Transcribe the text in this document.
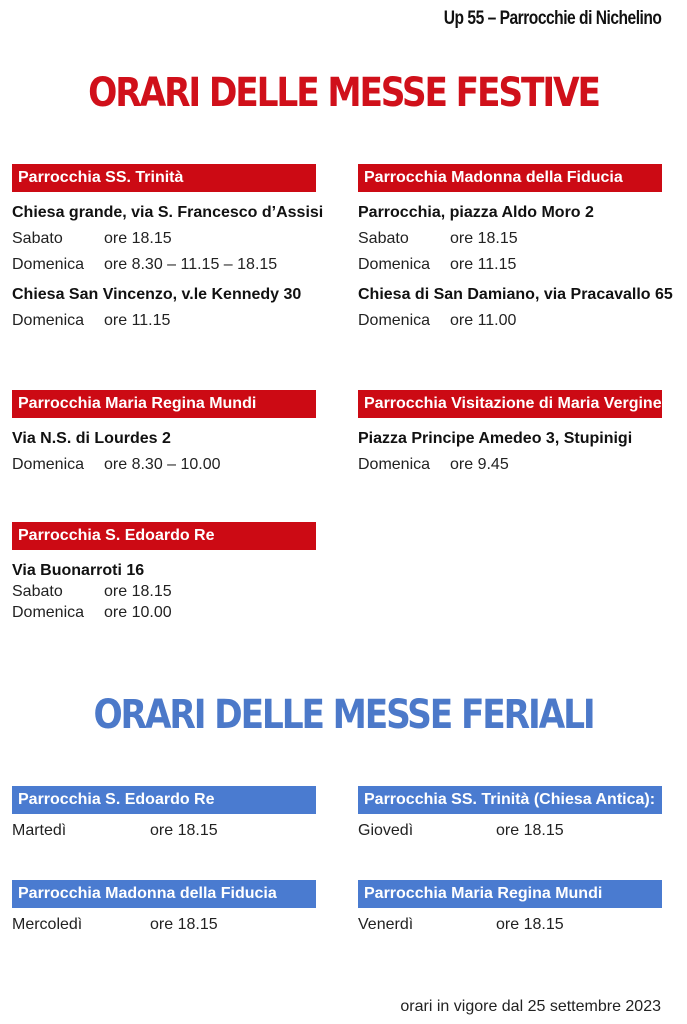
Up 55 – Parrocchie di Nichelino
ORARI DELLE MESSE FESTIVE
Parrocchia SS. Trinità
Chiesa grande, via S. Francesco d’Assisi
Sabato	ore 18.15
Domenica ore 8.30 – 11.15 – 18.15
Chiesa San Vincenzo, v.le Kennedy 30
Domenica ore 11.15
Parrocchia Madonna della Fiducia
Parrocchia, piazza Aldo Moro 2
Sabato	ore 18.15
Domenica ore 11.15
Chiesa di San Damiano, via Pracavallo 65
Domenica ore 11.00
Parrocchia Maria Regina Mundi
Via N.S. di Lourdes 2
Domenica ore 8.30 – 10.00
Parrocchia Visitazione di Maria Vergine
Piazza Principe Amedeo 3, Stupinigi
Domenica ore 9.45
Parrocchia S. Edoardo Re
Via Buonarroti 16
Sabato	ore 18.15
Domenica ore 10.00
ORARI DELLE MESSE FERIALI
Parrocchia S. Edoardo Re
Martedì	ore 18.15
Parrocchia SS. Trinità (Chiesa Antica):
Giovedì	ore 18.15
Parrocchia Madonna della Fiducia
Mercoledì	ore 18.15
Parrocchia Maria Regina Mundi
Venerdì	ore 18.15
orari in vigore dal 25 settembre 2023
